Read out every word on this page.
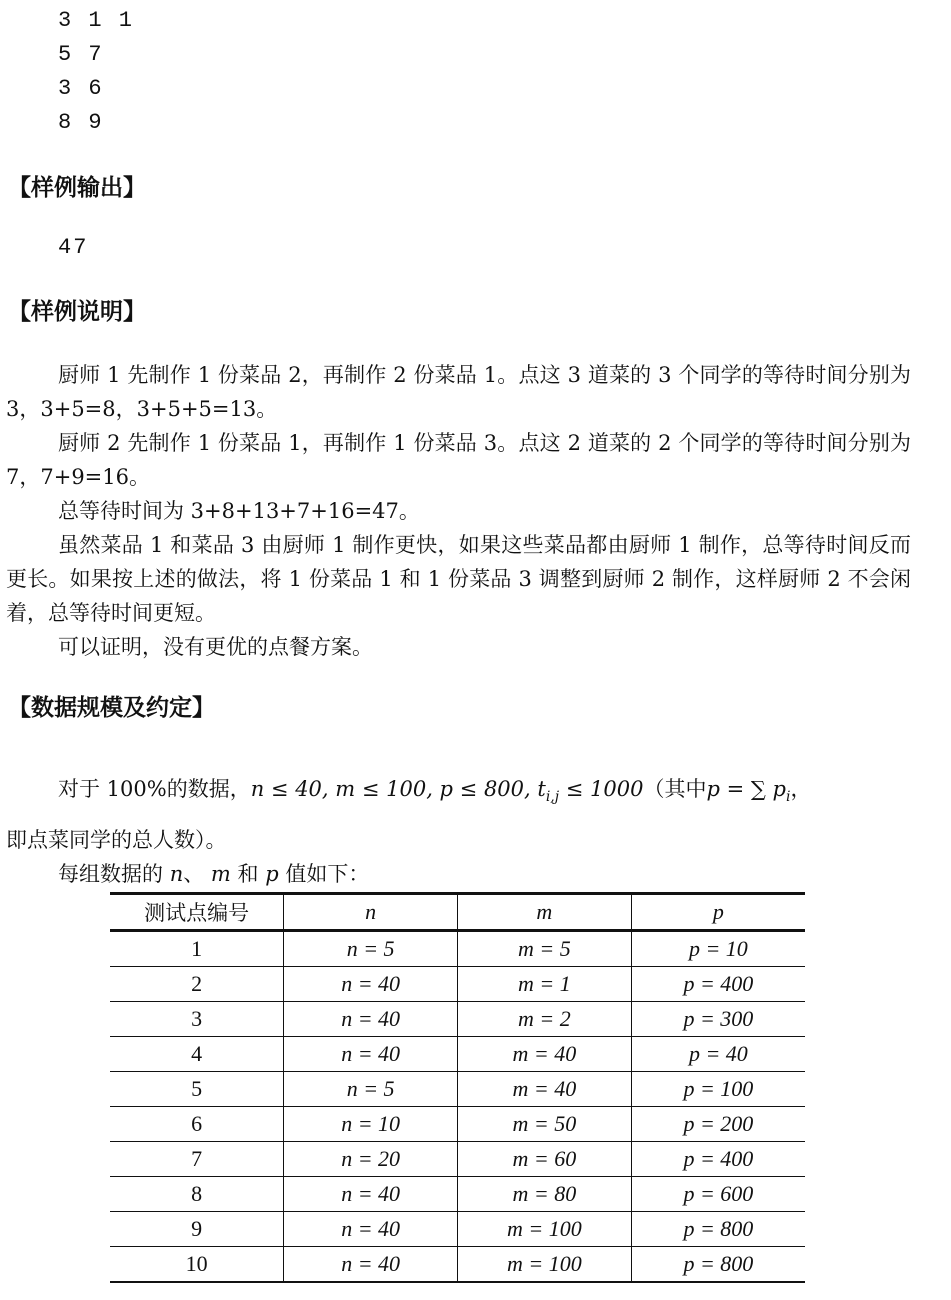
3 1 1
5 7
3 6
8 9
【样例输出】
47
【样例说明】
厨师 1 先制作 1 份菜品 2，再制作 2 份菜品 1。点这 3 道菜的 3 个同学的等待时间分别为 3，3+5=8，3+5+5=13。
厨师 2 先制作 1 份菜品 1，再制作 1 份菜品 3。点这 2 道菜的 2 个同学的等待时间分别为 7，7+9=16。
总等待时间为 3+8+13+7+16=47。
虽然菜品 1 和菜品 3 由厨师 1 制作更快，如果这些菜品都由厨师 1 制作，总等待时间反而更长。如果按上述的做法，将 1 份菜品 1 和 1 份菜品 3 调整到厨师 2 制作，这样厨师 2 不会闲着，总等待时间更短。
可以证明，没有更优的点餐方案。
【数据规模及约定】
对于 100%的数据，n ≤ 40, m ≤ 100, p ≤ 800, $t_{i,j} \le 1000$（其中p = ∑ $p_i$，
即点菜同学的总人数）。
每组数据的 n、 m 和 p 值如下：
测试点编号	n	m	p
1	n = 5	m = 5	p = 10
2	n = 40	m = 1	p = 400
3	n = 40	m = 2	p = 300
4	n = 40	m = 40	p = 40
5	n = 5	m = 40	p = 100
6	n = 10	m = 50	p = 200
7	n = 20	m = 60	p = 400
8	n = 40	m = 80	p = 600
9	n = 40	m = 100	p = 800
10	n = 40	m = 100	p = 800
